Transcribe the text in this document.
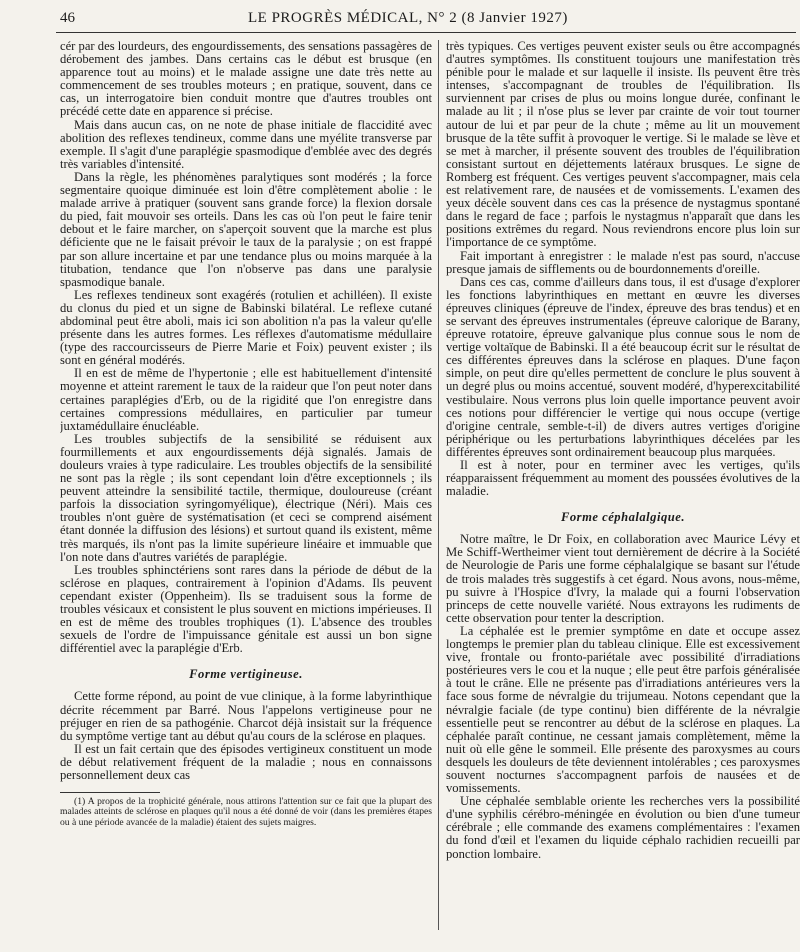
46	LE PROGRÈS MÉDICAL, N° 2 (8 Janvier 1927)

cér par des lourdeurs, des engourdissements, des sensations passagères de dérobement des jambes. Dans certains cas le début est brusque (en apparence tout au moins) et le malade assigne une date très nette au commencement de ses troubles moteurs ; en pratique, souvent, dans ce cas, un interrogatoire bien conduit montre que d'autres troubles ont précédé cette date en apparence si précise.

Mais dans aucun cas, on ne note de phase initiale de flaccidité avec abolition des reflexes tendineux, comme dans une myélite transverse par exemple. Il s'agit d'une paraplégie spasmodique d'emblée avec des degrés très variables d'intensité.

Dans la règle, les phénomènes paralytiques sont modérés ; la force segmentaire quoique diminuée est loin d'être complètement abolie : le malade arrive à pratiquer (souvent sans grande force) la flexion dorsale du pied, fait mouvoir ses orteils. Dans les cas où l'on peut le faire tenir debout et le faire marcher, on s'aperçoit souvent que la marche est plus déficiente que ne le faisait prévoir le taux de la paralysie ; on est frappé par son allure incertaine et par une tendance plus ou moins marquée à la titubation, tendance que l'on n'observe pas dans une paralysie spasmodique banale.

Les reflexes tendineux sont exagérés (rotulien et achilléen). Il existe du clonus du pied et un signe de Babinski bilatéral. Le reflexe cutané abdominal peut être aboli, mais ici son abolition n'a pas la valeur qu'elle présente dans les autres formes. Les réflexes d'automatisme médullaire (type des raccourcisseurs de Pierre Marie et Foix) peuvent exister ; ils sont en général modérés.

Il en est de même de l'hypertonie ; elle est habituellement d'intensité moyenne et atteint rarement le taux de la raideur que l'on peut noter dans certaines paraplégies d'Erb, ou de la rigidité que l'on enregistre dans certaines compressions médullaires, en particulier par tumeur juxtamédullaire énucléable.

Les troubles subjectifs de la sensibilité se réduisent aux fourmillements et aux engourdissements déjà signalés. Jamais de douleurs vraies à type radiculaire. Les troubles objectifs de la sensibilité ne sont pas la règle ; ils sont cependant loin d'être exceptionnels ; ils peuvent atteindre la sensibilité tactile, thermique, douloureuse (créant parfois la dissociation syringomyélique), électrique (Néri). Mais ces troubles n'ont guère de systématisation (et ceci se comprend aisément étant donnée la diffusion des lésions) et surtout quand ils existent, même très marqués, ils n'ont pas la limite supérieure linéaire et immuable que l'on note dans d'autres variétés de paraplégie.

Les troubles sphinctériens sont rares dans la période de début de la sclérose en plaques, contrairement à l'opinion d'Adams. Ils peuvent cependant exister (Oppenheim). Ils se traduisent sous la forme de troubles vésicaux et consistent le plus souvent en mictions impérieuses. Il en est de même des troubles trophiques (1). L'absence des troubles sexuels de l'ordre de l'impuissance génitale est aussi un bon signe différentiel avec la paraplégie d'Erb.

Forme vertigineuse.

Cette forme répond, au point de vue clinique, à la forme labyrinthique décrite récemment par Barré. Nous l'appelons vertigineuse pour ne préjuger en rien de sa pathogénie. Charcot déjà insistait sur la fréquence du symptôme vertige tant au début qu'au cours de la sclérose en plaques.

Il est un fait certain que des épisodes vertigineux constituent un mode de début relativement fréquent de la maladie ; nous en connaissons personnellement deux cas

(1) A propos de la trophicité générale, nous attirons l'attention sur ce fait que la plupart des malades atteints de sclérose en plaques qu'il nous a été donné de voir (dans les premières étapes ou à une période avancée de la maladie) étaient des sujets maigres.

très typiques. Ces vertiges peuvent exister seuls ou être accompagnés d'autres symptômes. Ils constituent toujours une manifestation très pénible pour le malade et sur laquelle il insiste. Ils peuvent être très intenses, s'accompagnant de troubles de l'équilibration. Ils surviennent par crises de plus ou moins longue durée, confinant le malade au lit ; il n'ose plus se lever par crainte de voir tout tourner autour de lui et par peur de la chute ; même au lit un mouvement brusque de la tête suffit à provoquer le vertige. Si le malade se lève et se met à marcher, il présente souvent des troubles de l'équilibration consistant surtout en déjettements latéraux brusques. Le signe de Romberg est fréquent. Ces vertiges peuvent s'accompagner, mais cela est relativement rare, de nausées et de vomissements. L'examen des yeux décèle souvent dans ces cas la présence de nystagmus spontané dans le regard de face ; parfois le nystagmus n'apparaît que dans les positions extrêmes du regard. Nous reviendrons encore plus loin sur l'importance de ce symptôme.

Fait important à enregistrer : le malade n'est pas sourd, n'accuse presque jamais de sifflements ou de bourdonnements d'oreille.

Dans ces cas, comme d'ailleurs dans tous, il est d'usage d'explorer les fonctions labyrinthiques en mettant en œuvre les diverses épreuves cliniques (épreuve de l'index, épreuve des bras tendus) et en se servant des épreuves instrumentales (épreuve calorique de Barany, épreuve rotatoire, épreuve galvanique plus connue sous le nom de vertige voltaïque de Babinski. Il a été beaucoup écrit sur le résultat de ces différentes épreuves dans la sclérose en plaques. D'une façon simple, on peut dire qu'elles permettent de conclure le plus souvent à un degré plus ou moins accentué, souvent modéré, d'hyperexcitabilité vestibulaire. Nous verrons plus loin quelle importance peuvent avoir ces notions pour différencier le vertige qui nous occupe (vertige d'origine centrale, semble-t-il) de divers autres vertiges d'origine périphérique ou les perturbations labyrinthiques décelées par les différentes épreuves sont ordinairement beaucoup plus marquées.

Il est à noter, pour en terminer avec les vertiges, qu'ils réapparaissent fréquemment au moment des poussées évolutives de la maladie.

Forme céphalalgique.

Notre maître, le Dr Foix, en collaboration avec Maurice Lévy et Me Schiff-Wertheimer vient tout dernièrement de décrire à la Société de Neurologie de Paris une forme céphalalgique se basant sur l'étude de trois malades très suggestifs à cet égard. Nous avons, nous-même, pu suivre à l'Hospice d'Ivry, la malade qui a fourni l'observation princeps de cette nouvelle variété. Nous extrayons les rudiments de cette observation pour tenter la description.

La céphalée est le premier symptôme en date et occupe assez longtemps le premier plan du tableau clinique. Elle est excessivement vive, frontale ou fronto-pariétale avec possibilité d'irradiations postérieures vers le cou et la nuque ; elle peut être parfois généralisée à tout le crâne. Elle ne présente pas d'irradiations antérieures vers la face sous forme de névralgie du trijumeau. Notons cependant que la névralgie faciale (de type continu) bien différente de la névralgie essentielle peut se rencontrer au début de la sclérose en plaques. La céphalée paraît continue, ne cessant jamais complètement, même la nuit où elle gêne le sommeil. Elle présente des paroxysmes au cours desquels les douleurs de tête deviennent intolérables ; ces paroxysmes souvent nocturnes s'accompagnent parfois de nausées et de vomissements.

Une céphalée semblable oriente les recherches vers la possibilité d'une syphilis cérébro-méningée en évolution ou bien d'une tumeur cérébrale ; elle commande des examens complémentaires : l'examen du fond d'œil et l'examen du liquide céphalo rachidien recueilli par ponction lombaire.
